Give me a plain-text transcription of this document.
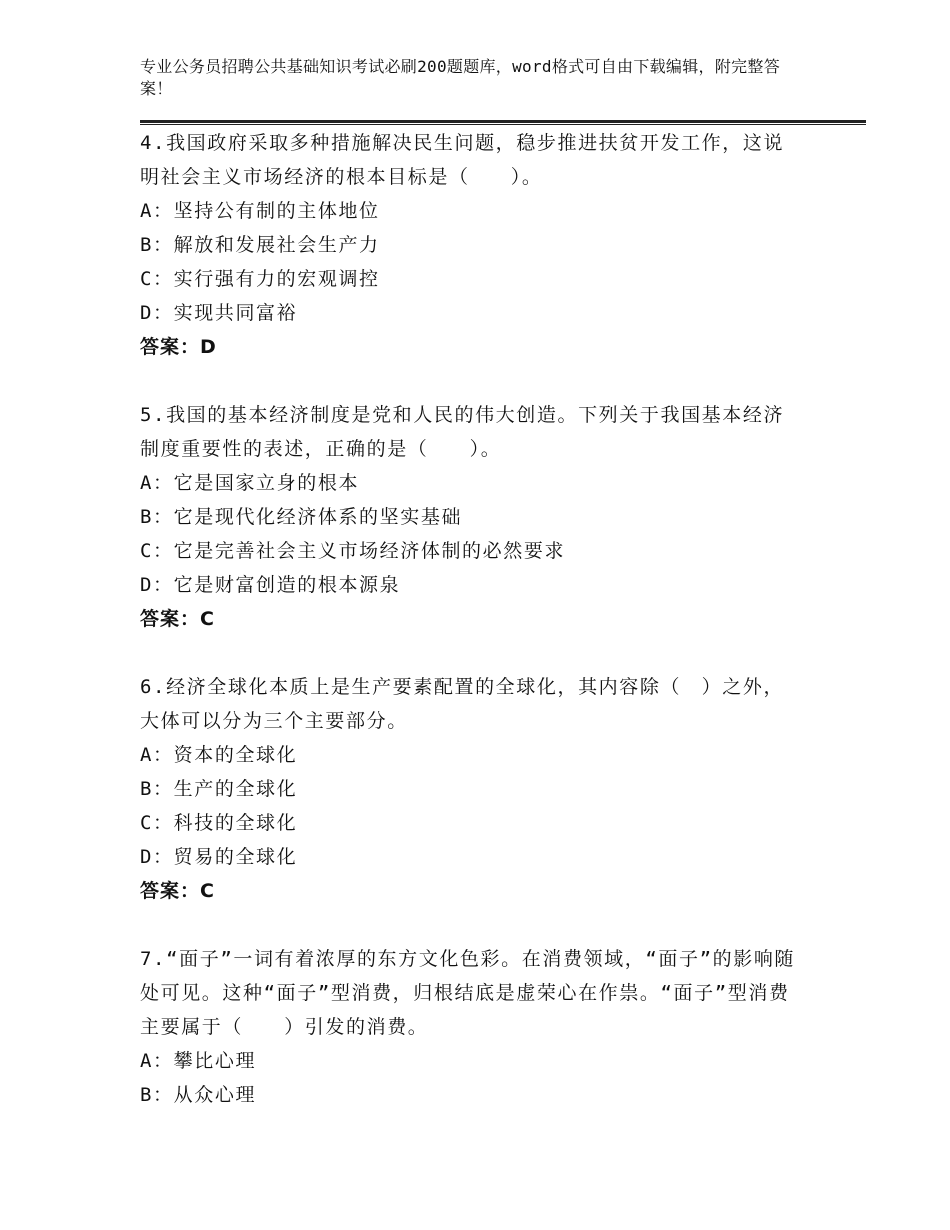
专业公务员招聘公共基础知识考试必刷200题题库，word格式可自由下载编辑，附完整答案！
4.我国政府采取多种措施解决民生问题，稳步推进扶贫开发工作，这说明社会主义市场经济的根本目标是（　　）。
A：坚持公有制的主体地位
B：解放和发展社会生产力
C：实行强有力的宏观调控
D：实现共同富裕
答案：D
5.我国的基本经济制度是党和人民的伟大创造。下列关于我国基本经济制度重要性的表述，正确的是（　　）。
A：它是国家立身的根本
B：它是现代化经济体系的坚实基础
C：它是完善社会主义市场经济体制的必然要求
D：它是财富创造的根本源泉
答案：C
6.经济全球化本质上是生产要素配置的全球化，其内容除（　）之外，大体可以分为三个主要部分。
A：资本的全球化
B：生产的全球化
C：科技的全球化
D：贸易的全球化
答案：C
7.“面子”一词有着浓厚的东方文化色彩。在消费领域，“面子”的影响随处可见。这种“面子”型消费，归根结底是虚荣心在作祟。“面子”型消费主要属于（　　）引发的消费。
A：攀比心理
B：从众心理
